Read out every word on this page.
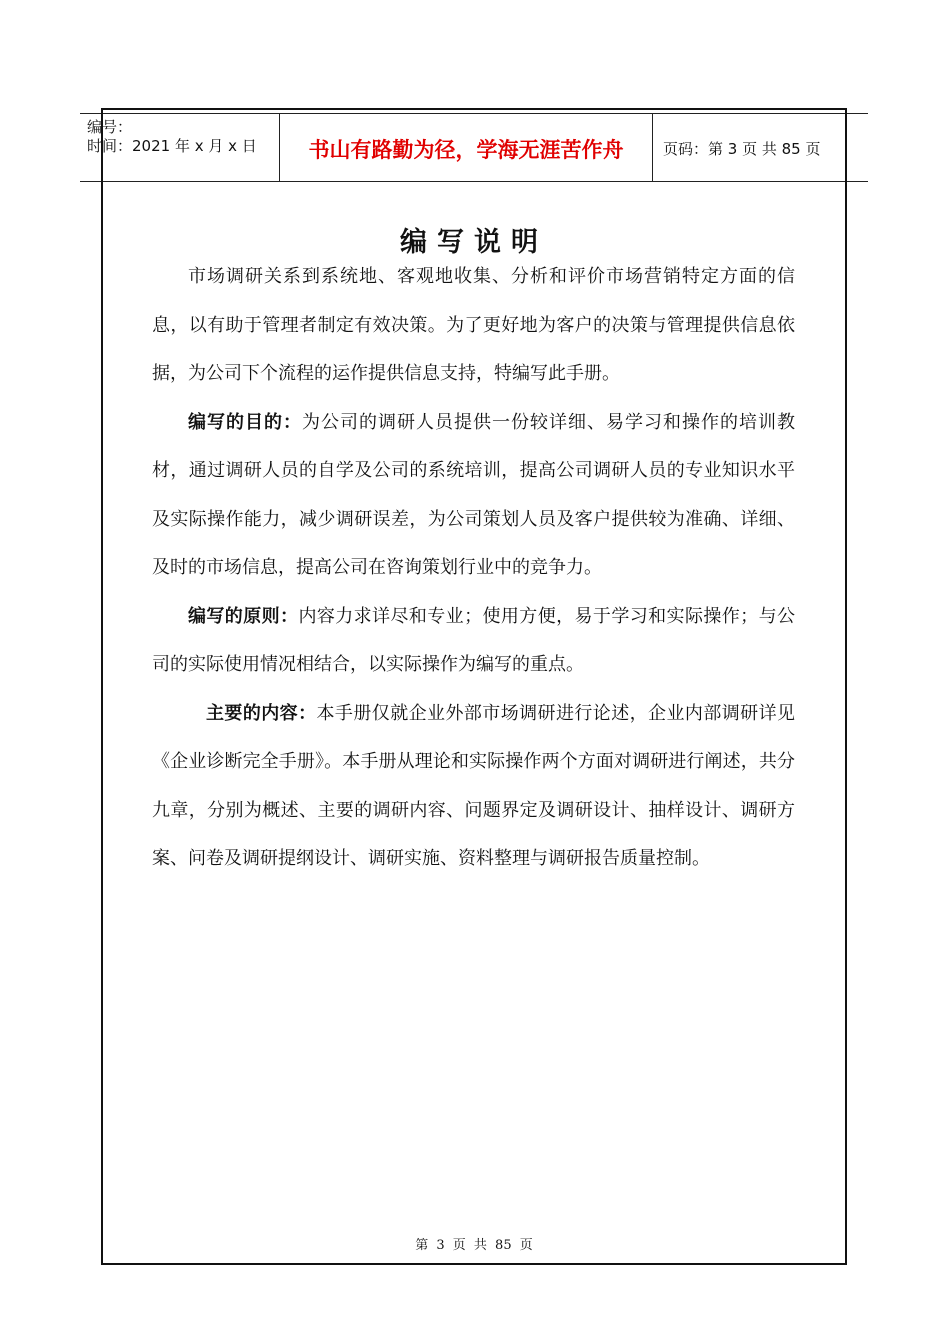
编号：
时间：2021 年 x 月 x 日	书山有路勤为径，学海无涯苦作舟	页码：第 3 页 共 85 页
编写说明

市场调研关系到系统地、客观地收集、分析和评价市场营销特定方面的信息，以有助于管理者制定有效决策。为了更好地为客户的决策与管理提供信息依据，为公司下个流程的运作提供信息支持，特编写此手册。

编写的目的：为公司的调研人员提供一份较详细、易学习和操作的培训教材，通过调研人员的自学及公司的系统培训，提高公司调研人员的专业知识水平及实际操作能力，减少调研误差，为公司策划人员及客户提供较为准确、详细、及时的市场信息，提高公司在咨询策划行业中的竞争力。

编写的原则：内容力求详尽和专业；使用方便，易于学习和实际操作；与公司的实际使用情况相结合，以实际操作为编写的重点。

主要的内容：本手册仅就企业外部市场调研进行论述，企业内部调研详见《企业诊断完全手册》。本手册从理论和实际操作两个方面对调研进行阐述，共分九章，分别为概述、主要的调研内容、问题界定及调研设计、抽样设计、调研方案、问卷及调研提纲设计、调研实施、资料整理与调研报告质量控制。

第 3 页 共 85 页
